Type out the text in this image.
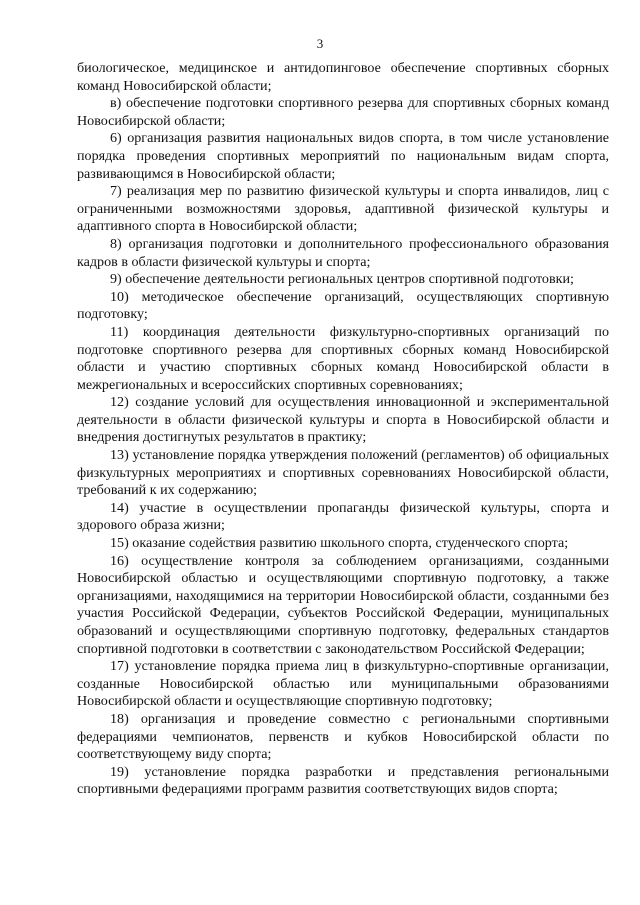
3

биологическое, медицинское и антидопинговое обеспечение спортивных сборных команд Новосибирской области;

в) обеспечение подготовки спортивного резерва для спортивных сборных команд Новосибирской области;

6) организация развития национальных видов спорта, в том числе установление порядка проведения спортивных мероприятий по национальным видам спорта, развивающимся в Новосибирской области;

7) реализация мер по развитию физической культуры и спорта инвалидов, лиц с ограниченными возможностями здоровья, адаптивной физической культуры и адаптивного спорта в Новосибирской области;

8) организация подготовки и дополнительного профессионального образования кадров в области физической культуры и спорта;

9) обеспечение деятельности региональных центров спортивной подготовки;

10) методическое обеспечение организаций, осуществляющих спортивную подготовку;

11) координация деятельности физкультурно-спортивных организаций по подготовке спортивного резерва для спортивных сборных команд Новосибирской области и участию спортивных сборных команд Новосибирской области в межрегиональных и всероссийских спортивных соревнованиях;

12) создание условий для осуществления инновационной и экспериментальной деятельности в области физической культуры и спорта в Новосибирской области и внедрения достигнутых результатов в практику;

13) установление порядка утверждения положений (регламентов) об официальных физкультурных мероприятиях и спортивных соревнованиях Новосибирской области, требований к их содержанию;

14) участие в осуществлении пропаганды физической культуры, спорта и здорового образа жизни;

15) оказание содействия развитию школьного спорта, студенческого спорта;

16) осуществление контроля за соблюдением организациями, созданными Новосибирской областью и осуществляющими спортивную подготовку, а также организациями, находящимися на территории Новосибирской области, созданными без участия Российской Федерации, субъектов Российской Федерации, муниципальных образований и осуществляющими спортивную подготовку, федеральных стандартов спортивной подготовки в соответствии с законодательством Российской Федерации;

17) установление порядка приема лиц в физкультурно-спортивные организации, созданные Новосибирской областью или муниципальными образованиями Новосибирской области и осуществляющие спортивную подготовку;

18) организация и проведение совместно с региональными спортивными федерациями чемпионатов, первенств и кубков Новосибирской области по соответствующему виду спорта;

19) установление порядка разработки и представления региональными спортивными федерациями программ развития соответствующих видов спорта;
